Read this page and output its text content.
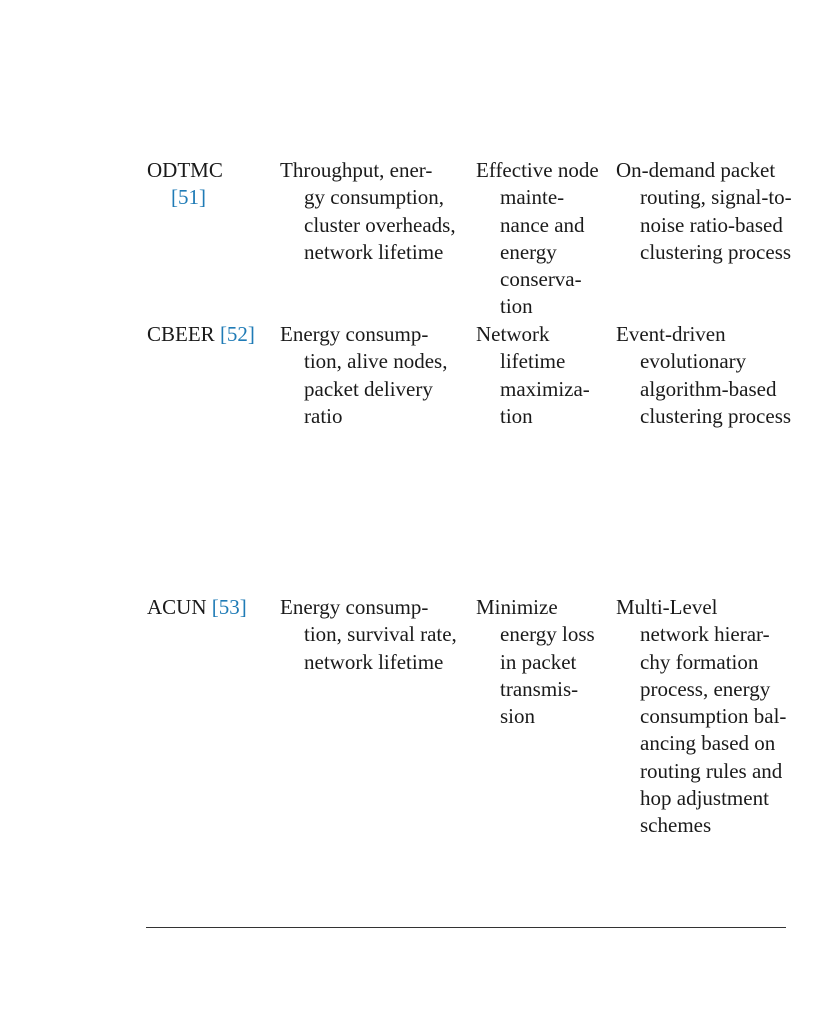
ODTMC
[51]
Throughput, ener-
gy consumption,
cluster overheads,
network lifetime
Effective node
mainte-
nance and
energy
conserva-
tion
On-demand packet
routing, signal-to-
noise ratio-based
clustering process
CBEER [52]	Energy consump-
tion, alive nodes,
packet delivery
ratio
Network
lifetime
maximiza-
tion
Event-driven
evolutionary
algorithm-based
clustering process
ACUN [53]	Energy consump-
tion, survival rate,
network lifetime
Minimize
energy loss
in packet
transmis-
sion
Multi-Level
network hierar-
chy formation
process, energy
consumption bal-
ancing based on
routing rules and
hop adjustment
schemes
